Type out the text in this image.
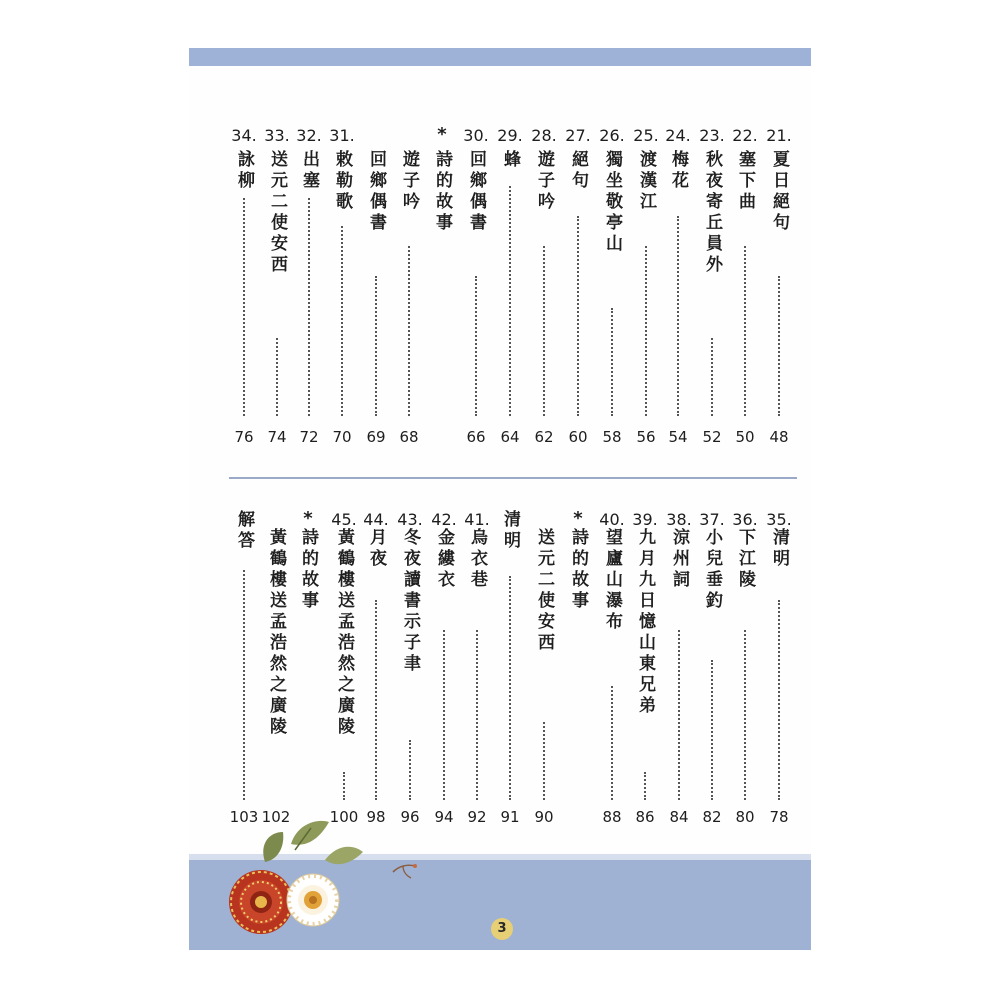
34.
詠柳
76
33.
送元二使安西
74
32.
出塞
72
31.
敕勒歌
70
回鄉偶書
69
遊子吟
68
*
詩的故事
30.
回鄉偶書
66
29.
蜂
64
28.
遊子吟
62
27.
絕句
60
26.
獨坐敬亭山
58
25.
渡漢江
56
24.
梅花
54
23.
秋夜寄丘員外
52
22.
塞下曲
50
21.
夏日絕句
48
解答
103
黃鶴樓送孟浩然之廣陵
102
*
詩的故事
45.
黃鶴樓送孟浩然之廣陵
100
44.
月夜
98
43.
冬夜讀書示子聿
96
42.
金縷衣
94
41.
烏衣巷
92
清明
91
送元二使安西
90
*
詩的故事
40.
望廬山瀑布
88
39.
九月九日憶山東兄弟
86
38.
涼州詞
84
37.
小兒垂釣
82
36.
下江陵
80
35.
清明
78
3
